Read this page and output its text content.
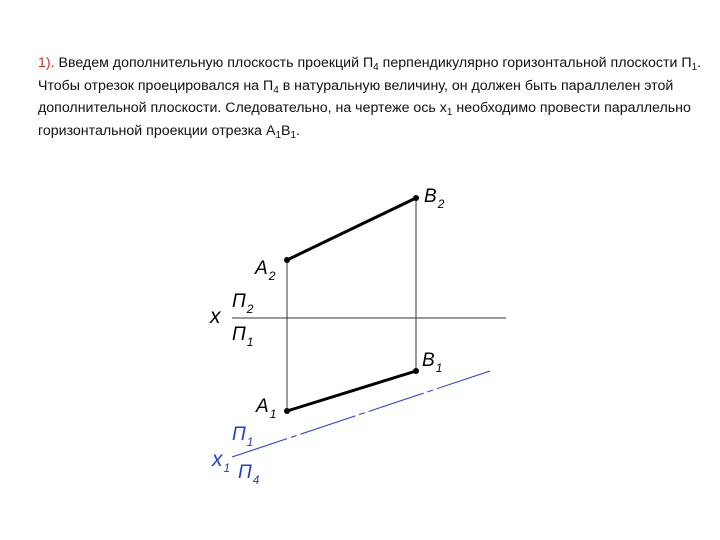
1). Введем дополнительную плоскость проекций $П_4$ перпендикулярно горизонтальной плоскости $П_1$. Чтобы отрезок проецировался на $П_4$ в натуральную величину, он должен быть параллелен этой дополнительной плоскости. Следовательно, на чертеже ось $x_1$ необходимо провести параллельно горизонтальной проекции отрезка $A_1B_1$.
$B_2$
$A_2$
$B_1$
$A_1$
x
$П_2$
$П_1$
$П_1$
$x_1$ $П_4$
